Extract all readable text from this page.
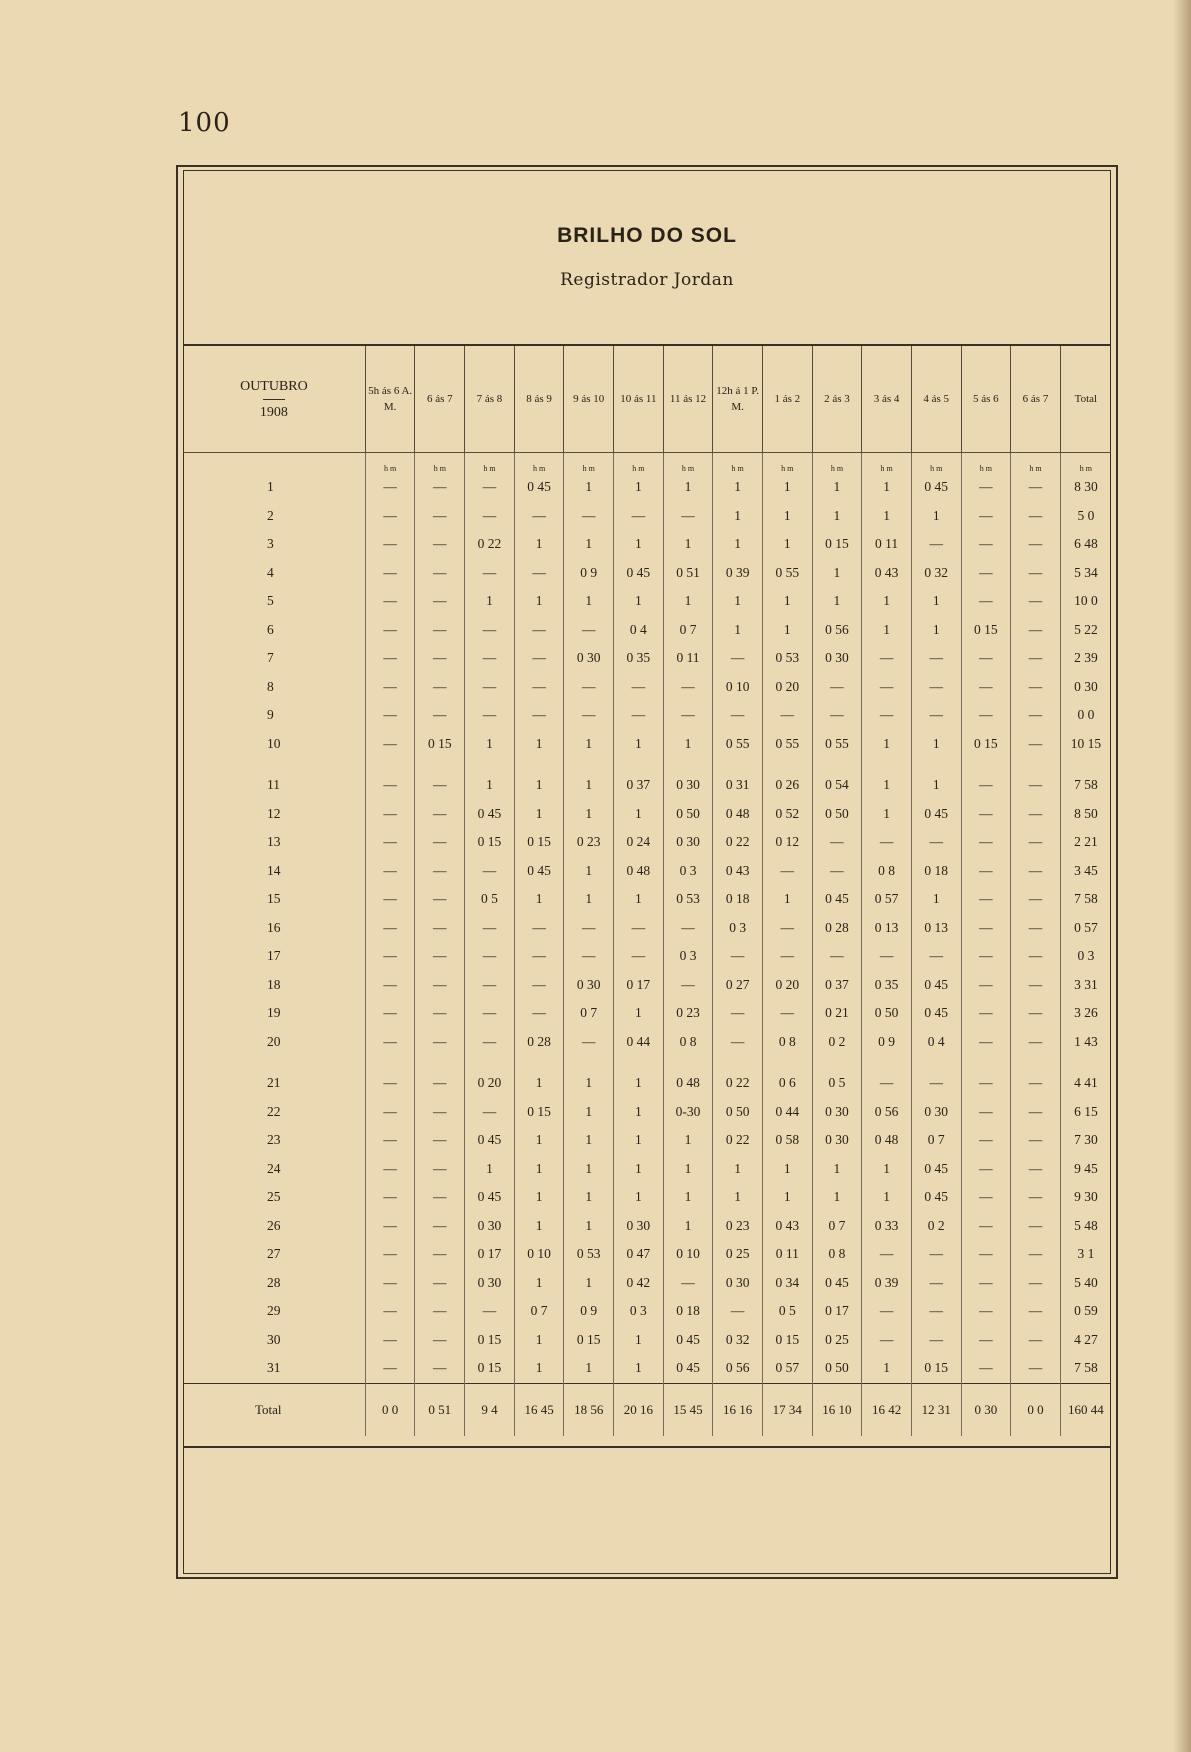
100
BRILHO DO SOL
Registrador Jordan
OUTUBRO
1908	5h ás 6 A. M.	6 ás 7	7 ás 8	8 ás 9	9 ás 10	10 ás 11	11 ás 12	12h á 1 P. M.	1 ás 2	2 ás 3	3 ás 4	4 ás 5	5 ás 6	6 ás 7	Total
	h m	h m	h m	h m	h m	h m	h m	h m	h m	h m	h m	h m	h m	h m	h m
1	—	—	—	0 45	1	1	1	1	1	1	1	0 45	—	—	8 30
2	—	—	—	—	—	—	—	1	1	1	1	1	—	—	5 0
3	—	—	0 22	1	1	1	1	1	1	0 15	0 11	—	—	—	6 48
4	—	—	—	—	0 9	0 45	0 51	0 39	0 55	1	0 43	0 32	—	—	5 34
5	—	—	1	1	1	1	1	1	1	1	1	1	—	—	10 0
6	—	—	—	—	—	0 4	0 7	1	1	0 56	1	1	0 15	—	5 22
7	—	—	—	—	0 30	0 35	0 11	—	0 53	0 30	—	—	—	—	2 39
8	—	—	—	—	—	—	—	0 10	0 20	—	—	—	—	—	0 30
9	—	—	—	—	—	—	—	—	—	—	—	—	—	—	0 0
10	—	0 15	1	1	1	1	1	0 55	0 55	0 55	1	1	0 15	—	10 15

11	—	—	1	1	1	0 37	0 30	0 31	0 26	0 54	1	1	—	—	7 58
12	—	—	0 45	1	1	1	0 50	0 48	0 52	0 50	1	0 45	—	—	8 50
13	—	—	0 15	0 15	0 23	0 24	0 30	0 22	0 12	—	—	—	—	—	2 21
14	—	—	—	0 45	1	0 48	0 3	0 43	—	—	0 8	0 18	—	—	3 45
15	—	—	0 5	1	1	1	0 53	0 18	1	0 45	0 57	1	—	—	7 58
16	—	—	—	—	—	—	—	0 3	—	0 28	0 13	0 13	—	—	0 57
17	—	—	—	—	—	—	0 3	—	—	—	—	—	—	—	0 3
18	—	—	—	—	0 30	0 17	—	0 27	0 20	0 37	0 35	0 45	—	—	3 31
19	—	—	—	—	0 7	1	0 23	—	—	0 21	0 50	0 45	—	—	3 26
20	—	—	—	0 28	—	0 44	0 8	—	0 8	0 2	0 9	0 4	—	—	1 43

21	—	—	0 20	1	1	1	0 48	0 22	0 6	0 5	—	—	—	—	4 41
22	—	—	—	0 15	1	1	0-30	0 50	0 44	0 30	0 56	0 30	—	—	6 15
23	—	—	0 45	1	1	1	1	0 22	0 58	0 30	0 48	0 7	—	—	7 30
24	—	—	1	1	1	1	1	1	1	1	1	0 45	—	—	9 45
25	—	—	0 45	1	1	1	1	1	1	1	1	0 45	—	—	9 30
26	—	—	0 30	1	1	0 30	1	0 23	0 43	0 7	0 33	0 2	—	—	5 48
27	—	—	0 17	0 10	0 53	0 47	0 10	0 25	0 11	0 8	—	—	—	—	3 1
28	—	—	0 30	1	1	0 42	—	0 30	0 34	0 45	0 39	—	—	—	5 40
29	—	—	—	0 7	0 9	0 3	0 18	—	0 5	0 17	—	—	—	—	0 59
30	—	—	0 15	1	0 15	1	0 45	0 32	0 15	0 25	—	—	—	—	4 27
31	—	—	0 15	1	1	1	0 45	0 56	0 57	0 50	1	0 15	—	—	7 58
Total	0 0	0 51	9 4	16 45	18 56	20 16	15 45	16 16	17 34	16 10	16 42	12 31	0 30	0 0	160 44
